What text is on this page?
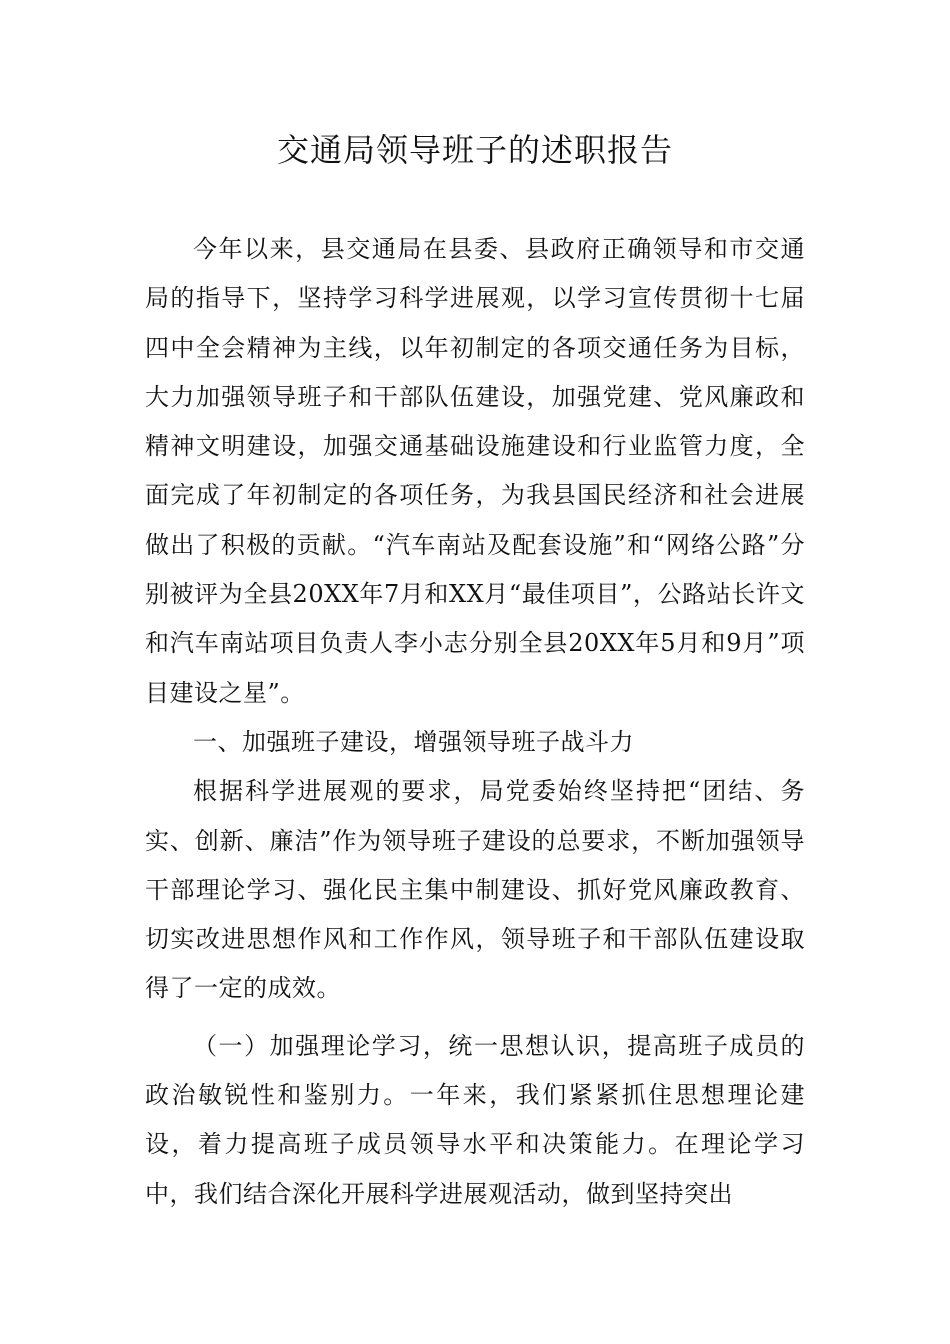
交通局领导班子的述职报告

今年以来，县交通局在县委、县政府正确领导和市交通局的指导下，坚持学习科学进展观，以学习宣传贯彻十七届四中全会精神为主线，以年初制定的各项交通任务为目标，大力加强领导班子和干部队伍建设，加强党建、党风廉政和精神文明建设，加强交通基础设施建设和行业监管力度，全面完成了年初制定的各项任务，为我县国民经济和社会进展做出了积极的贡献。“汽车南站及配套设施”和“网络公路”分别被评为全县20XX年7月和XX月“最佳项目”，公路站长许文和汽车南站项目负责人李小志分别全县20XX年5月和9月”项目建设之星”。

一、加强班子建设，增强领导班子战斗力

根据科学进展观的要求，局党委始终坚持把“团结、务实、创新、廉洁”作为领导班子建设的总要求，不断加强领导干部理论学习、强化民主集中制建设、抓好党风廉政教育、切实改进思想作风和工作作风，领导班子和干部队伍建设取得了一定的成效。

（一）加强理论学习，统一思想认识，提高班子成员的政治敏锐性和鉴别力。一年来，我们紧紧抓住思想理论建设，着力提高班子成员领导水平和决策能力。在理论学习中，我们结合深化开展科学进展观活动，做到坚持突出
